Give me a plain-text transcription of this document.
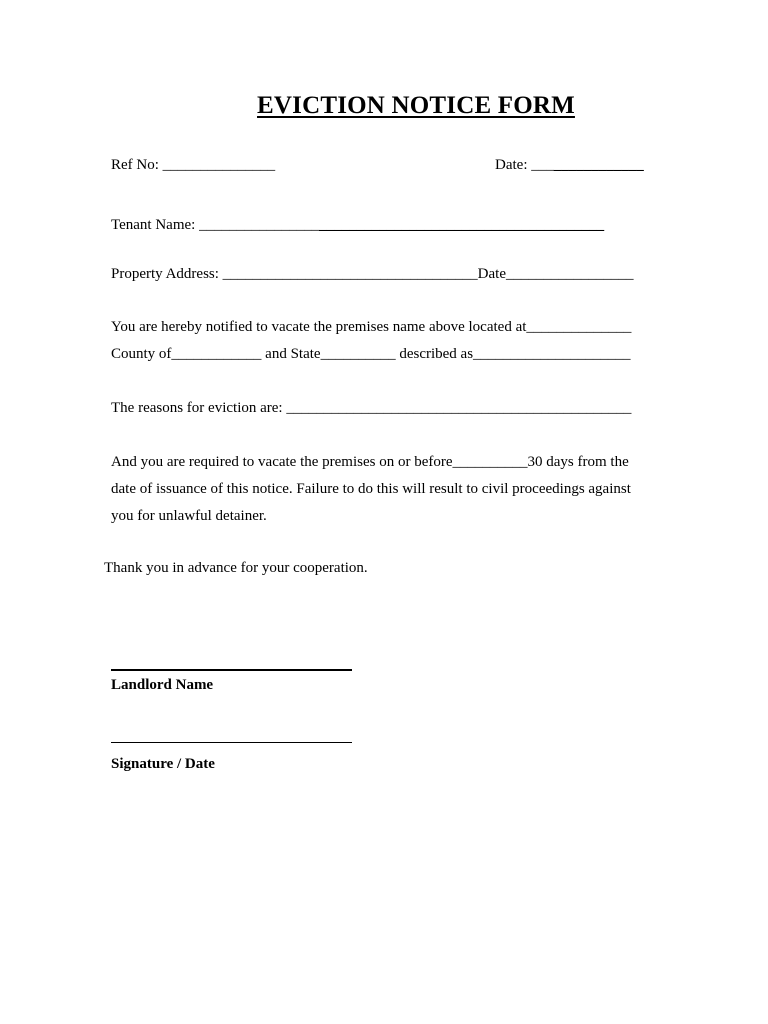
EVICTION NOTICE FORM
Ref No: _______________	Date: _______________
Tenant Name: ______________________________________________________
Property Address: __________________________________Date_________________
You are hereby notified to vacate the premises name above located at______________
County of____________ and State__________ described as_____________________
The reasons for eviction are: ______________________________________________
And you are required to vacate the premises on or before__________30 days from the
date of issuance of this notice. Failure to do this will result to civil proceedings against
you for unlawful detainer.
Thank you in advance for your cooperation.
Landlord Name
Signature / Date
